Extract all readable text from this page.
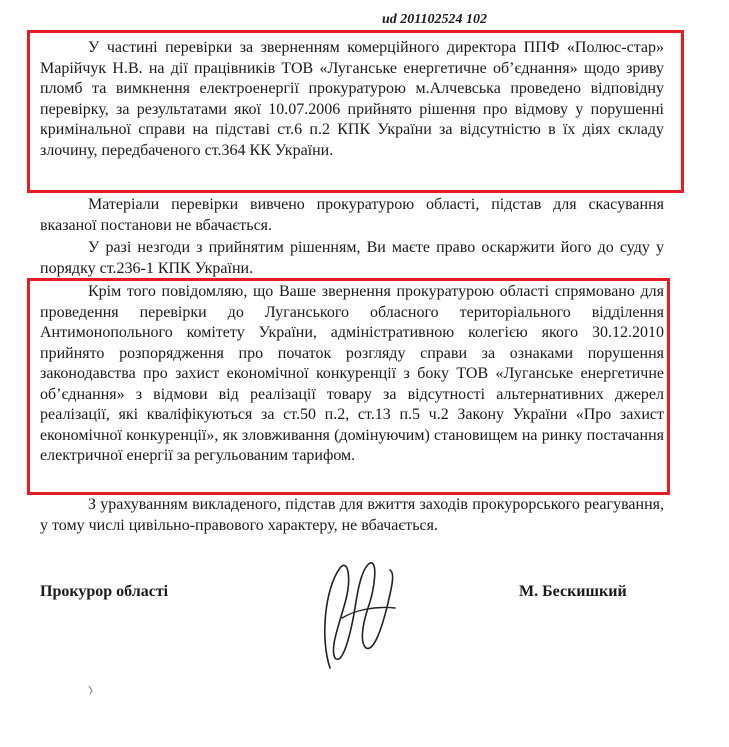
ud 201102524 102

У частині перевірки за зверненням комерційного директора ППФ «Полюс-стар» Марійчук Н.В. на дії працівників ТОВ «Луганське енергетичне об’єднання» щодо зриву пломб та вимкнення електроенергії прокуратурою м.Алчевська проведено відповідну перевірку, за результатами якої 10.07.2006 прийнято рішення про відмову у порушенні кримінальної справи на підставі ст.6 п.2 КПК України за відсутністю в їх діях складу злочину, передбаченого ст.364 КК України.

Матеріали перевірки вивчено прокуратурою області, підстав для скасування вказаної постанови не вбачається.

У разі незгоди з прийнятим рішенням, Ви маєте право оскаржити його до суду у порядку ст.236-1 КПК України.

Крім того повідомляю, що Ваше звернення прокуратурою області спрямовано для проведення перевірки до Луганського обласного територіального відділення Антимонопольного комітету України, адміністративною колегією якого 30.12.2010 прийнято розпорядження про початок розгляду справи за ознаками порушення законодавства про захист економічної конкуренції з боку ТОВ «Луганське енергетичне об’єднання» з відмови від реалізації товару за відсутності альтернативних джерел реалізації, які кваліфікуються за ст.50 п.2, ст.13 п.5 ч.2 Закону України «Про захист економічної конкуренції», як зловживання (домінуючим) становищем на ринку постачання електричної енергії за регульованим тарифом.

З урахуванням викладеного, підстав для вжиття заходів прокурорського реагування, у тому числі цивільно-правового характеру, не вбачається.

Прокурор області	М. Бескишкий
